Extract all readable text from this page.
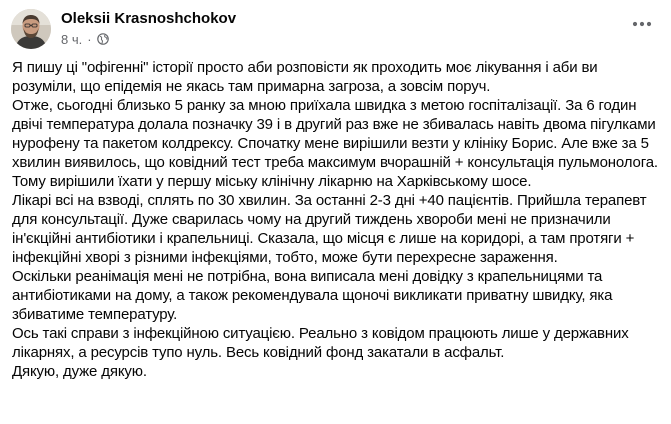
Oleksii Krasnoshchokov
8 ч. ·

Я пишу ці "офігенні" історії просто аби розповісти як проходить моє лікування і аби ви розуміли, що епідемія не якась там примарна загроза, а зовсім поруч.

Отже, сьогодні близько 5 ранку за мною приїхала швидка з метою госпіталізації. За 6 годин двічі температура долала позначку 39 і в другий раз вже не збивалась навіть двома пігулками нурофену та пакетом колдрексу. Спочатку мене вирішили везти у клініку Борис. Але вже за 5 хвилин виявилось, що ковідний тест треба максимум вчорашній + консультація пульмонолога. Тому вирішили їхати у першу міську клінічну лікарню на Харківському шосе.

Лікарі всі на взводі, сплять по 30 хвилин. За останні 2-3 дні +40 пацієнтів. Прийшла терапевт для консультації. Дуже сварилась чому на другий тиждень хвороби мені не призначили ін'єкційні антибіотики і крапельниці. Сказала, що місця є лише на коридорі, а там протяги + інфекційні хворі з різними інфекціями, тобто, може бути перехресне зараження.

Оскільки реанімація мені не потрібна, вона виписала мені довідку з крапельницями та антибіотиками на дому, а також рекомендувала щоночі викликати приватну швидку, яка збиватиме температуру.

Ось такі справи з інфекційною ситуацією. Реально з ковідом працюють лише у державних лікарнях, а ресурсів тупо нуль. Весь ковідний фонд закатали в асфальт.

Дякую, дуже дякую.
